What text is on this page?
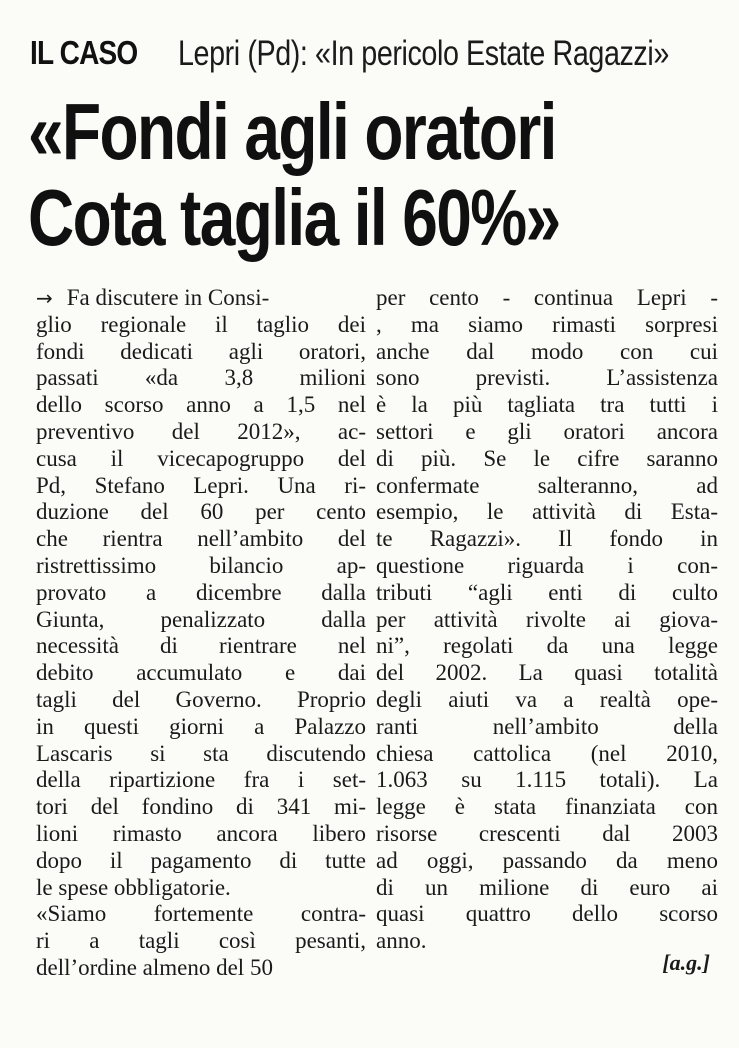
IL CASO Lepri (Pd): «In pericolo Estate Ragazzi»
«Fondi agli oratori
Cota taglia il 60%»
→ Fa discutere in Consi-
glio regionale il taglio dei
fondi dedicati agli oratori,
passati «da 3,8 milioni
dello scorso anno a 1,5 nel
preventivo del 2012», ac-
cusa il vicecapogruppo del
Pd, Stefano Lepri. Una ri-
duzione del 60 per cento
che rientra nell’ambito del
ristrettissimo bilancio ap-
provato a dicembre dalla
Giunta, penalizzato dalla
necessità di rientrare nel
debito accumulato e dai
tagli del Governo. Proprio
in questi giorni a Palazzo
Lascaris si sta discutendo
della ripartizione fra i set-
tori del fondino di 341 mi-
lioni rimasto ancora libero
dopo il pagamento di tutte
le spese obbligatorie.
«Siamo fortemente contra-
ri a tagli così pesanti,
dell’ordine almeno del 50
per cento - continua Lepri -
, ma siamo rimasti sorpresi
anche dal modo con cui
sono previsti. L’assistenza
è la più tagliata tra tutti i
settori e gli oratori ancora
di più. Se le cifre saranno
confermate salteranno, ad
esempio, le attività di Esta-
te Ragazzi». Il fondo in
questione riguarda i con-
tributi “agli enti di culto
per attività rivolte ai giova-
ni”, regolati da una legge
del 2002. La quasi totalità
degli aiuti va a realtà ope-
ranti nell’ambito della
chiesa cattolica (nel 2010,
1.063 su 1.115 totali). La
legge è stata finanziata con
risorse crescenti dal 2003
ad oggi, passando da meno
di un milione di euro ai
quasi quattro dello scorso
anno.
[a.g.]
